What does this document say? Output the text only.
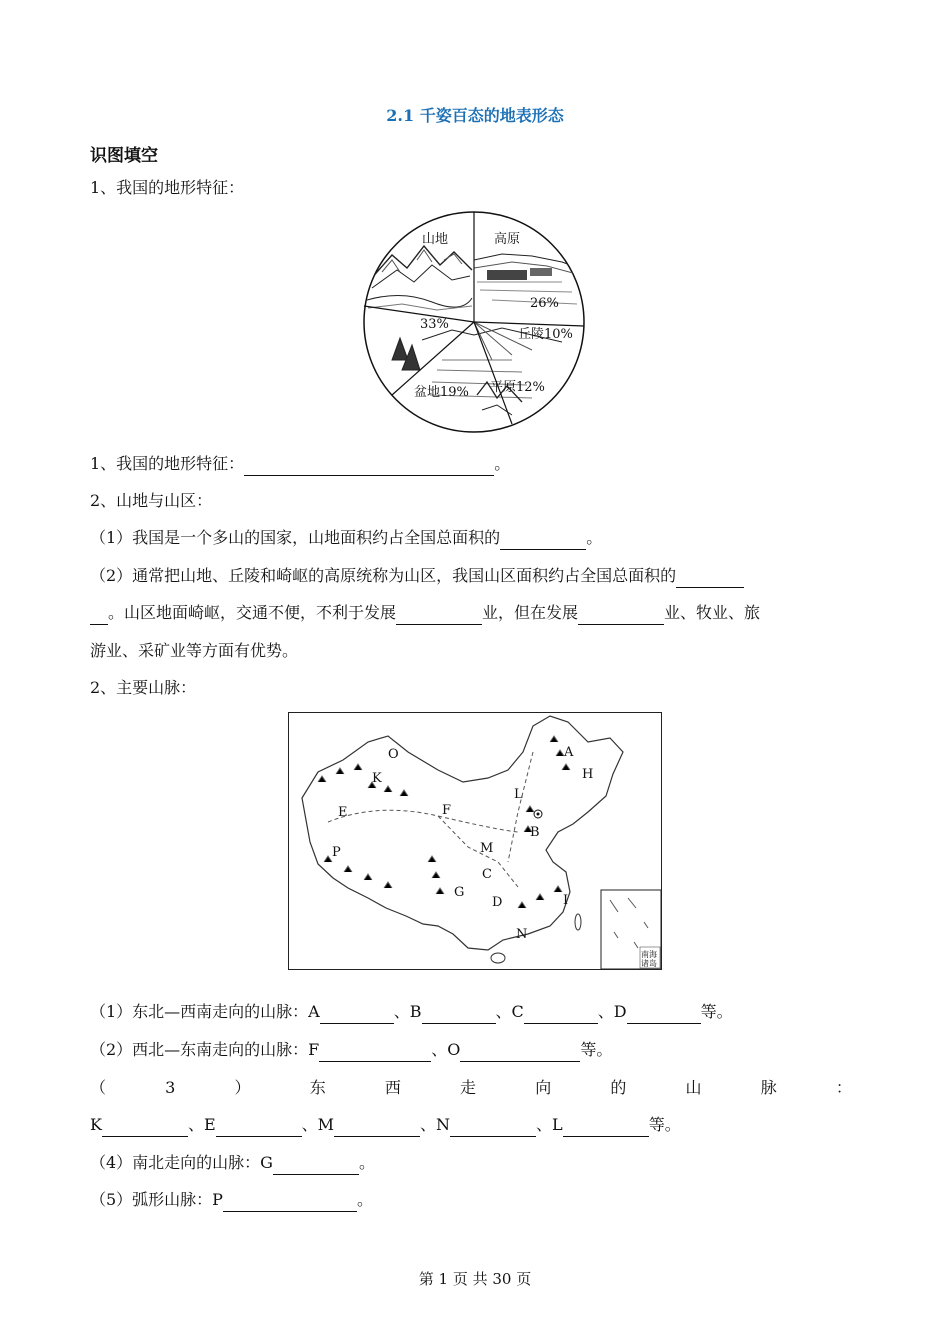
2.1 千姿百态的地表形态
识图填空
1、我国的地形特征：
山地	高原
26%
33%
丘陵10%
盆地19% 平原12%
1、我国的地形特征：	。
2、山地与山区：
（1）我国是一个多山的国家，山地面积约占全国总面积的	。
（2）通常把山地、丘陵和崎岖的高原统称为山区，我国山区面积约占全国总面积的
。山区地面崎岖，交通不便，不利于发展	业，但在发展	业、牧业、旅
游业、采矿业等方面有优势。
2、主要山脉：
A
B
C
D
E	F
G
H
I
K
L
M
N
O
P
南海
诸岛
（1）东北—西南走向的山脉：A	、B	、C	、D	等。
（2）西北—东南走向的山脉：F	、O	等。
（	3	）	东	西	走	向	的	山	脉	：
K	、E	、M	、N	、L	等。
（4）南北走向的山脉：G	。
（5）弧形山脉：P	。
第 1 页 共 30 页
